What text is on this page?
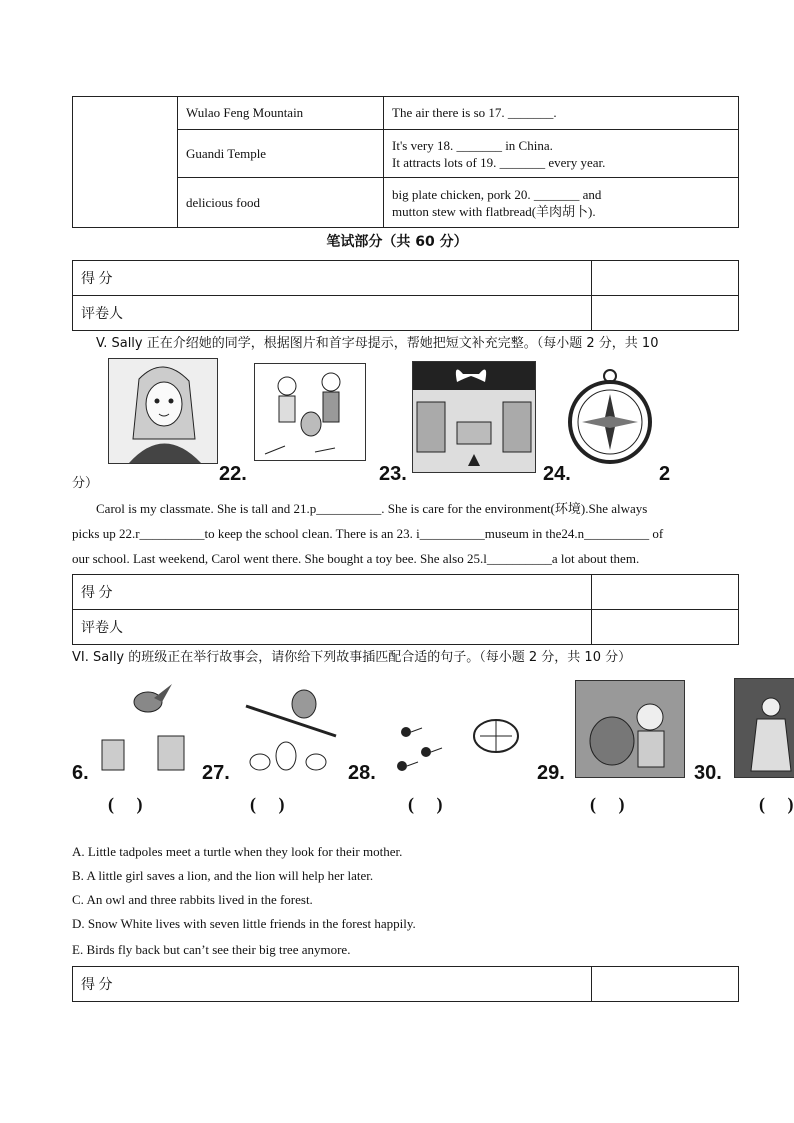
	Wulao Feng Mountain	The air there is so 17. _______.
	Guandi Temple	It's very 18. _______ in China.
It attracts lots of 19. _______ every year.

	delicious food	big plate chicken, pork 20. _______ and
mutton stew with flatbread(羊肉胡卜).
笔试部分（共 60 分）
得 分	
评卷人	
V. Sally 正在介绍她的同学，根据图片和首字母提示，帮她把短文补充完整。（每小题 2 分，共 10
分）	22.	23.	24.	2
Carol is my classmate. She is tall and 21.p__________. She is care for the environment(环境).She always
picks up 22.r__________to keep the school clean. There is an 23. i__________museum in the24.n__________ of
our school. Last weekend, Carol went there. She bought a toy bee. She also 25.l__________a lot about them.
得 分	
评卷人	
VI. Sally 的班级正在举行故事会，请你给下列故事插匹配合适的句子。（每小题 2 分，共 10 分）
6.	27.	28.	29.	30.
(     )	(     )	(     )	(     )	(     )
A. Little tadpoles meet a turtle when they look for their mother.
B. A little girl saves a lion, and the lion will help her later.
C. An owl and three rabbits lived in the forest.
D. Snow White lives with seven little friends in the forest happily.
E. Birds fly back but can’t see their big tree anymore.
得 分	
